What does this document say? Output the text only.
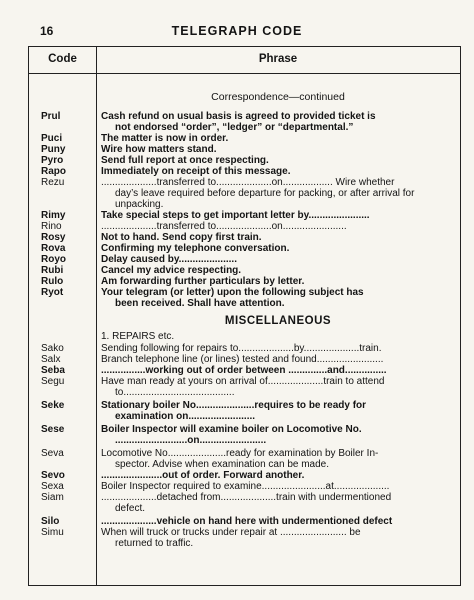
16	TELEGRAPH CODE
Code	Phrase
Correspondence—continued
Prul	Cash refund on usual basis is agreed to provided ticket is
not endorsed “order”, “ledger” or “departmental.”
Puci	The matter is now in order.
Puny	Wire how matters stand.
Pyro	Send full report at once respecting.
Rapo	Immediately on receipt of this message.
Rezu	....................transferred to....................on.................. Wire whether
day’s leave required before departure for packing, or after arrival for unpacking.
Rimy	Take special steps to get important letter by......................
Rino	....................transferred to....................on.......................
Rosy	Not to hand. Send copy first train.
Rova	Confirming my telephone conversation.
Royo	Delay caused by.....................
Rubi	Cancel my advice respecting.
Rulo	Am forwarding further particulars by letter.
Ryot	Your telegram (or letter) upon the following subject has
been received. Shall have attention.
MISCELLANEOUS
1. REPAIRS etc.
Sako	Sending following for repairs to....................by....................train.
Salx	Branch telephone line (or lines) tested and found........................
Seba	................working out of order between ..............and...............
Segu	Have man ready at yours on arrival of....................train to attend
to........................................
Seke	Stationary boiler No.....................requires to be ready for
examination on........................
Sese	Boiler Inspector will examine boiler on Locomotive No.
..........................on........................
Seva	Locomotive No.....................ready for examination by Boiler In-
spector. Advise when examination can be made.
Sevo	......................out of order. Forward another.
Sexa	Boiler Inspector required to examine.......................at....................
Siam	....................detached from....................train with undermentioned
defect.
Silo	....................vehicle on hand here with undermentioned defect
Simu	When will truck or trucks under repair at ........................ be
returned to traffic.
